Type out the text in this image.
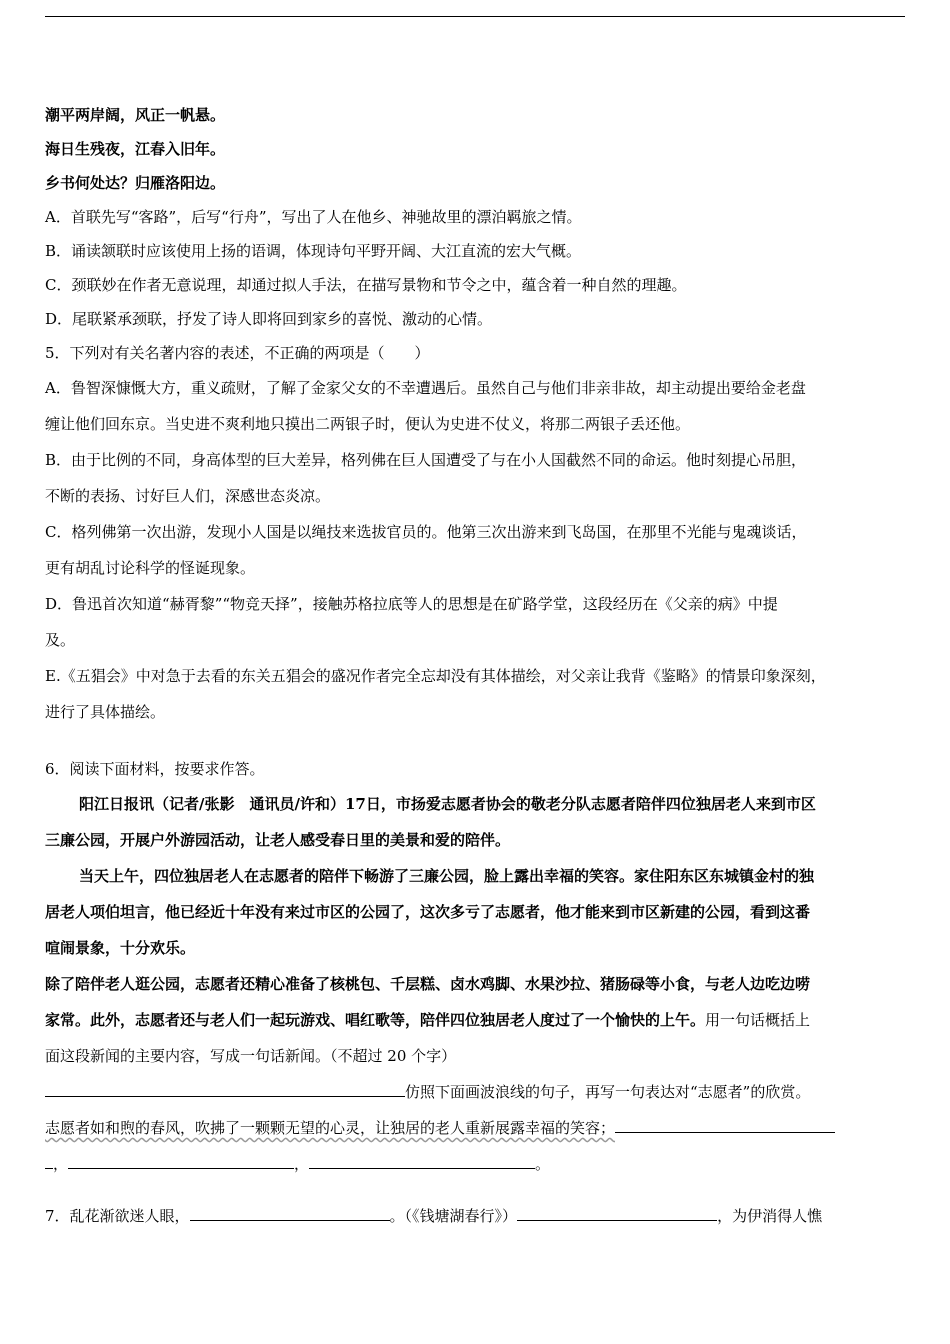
潮平两岸阔，风正一帆悬。

海日生残夜，江春入旧年。

乡书何处达？归雁洛阳边。

A．首联先写“客路”，后写“行舟”，写出了人在他乡、神驰故里的漂泊羁旅之情。

B．诵读颔联时应该使用上扬的语调，体现诗句平野开阔、大江直流的宏大气概。

C．颈联妙在作者无意说理，却通过拟人手法，在描写景物和节令之中，蕴含着一种自然的理趣。

D．尾联紧承颈联，抒发了诗人即将回到家乡的喜悦、激动的心情。

5．下列对有关名著内容的表述，不正确的两项是（　　）

A．鲁智深慷慨大方，重义疏财，了解了金家父女的不幸遭遇后。虽然自己与他们非亲非故，却主动提出要给金老盘

缠让他们回东京。当史进不爽利地只摸出二两银子时，便认为史进不仗义，将那二两银子丢还他。

B．由于比例的不同，身高体型的巨大差异，格列佛在巨人国遭受了与在小人国截然不同的命运。他时刻提心吊胆，

不断的表扬、讨好巨人们，深感世态炎凉。

C．格列佛第一次出游，发现小人国是以绳技来选拔官员的。他第三次出游来到飞岛国，在那里不光能与鬼魂谈话，

更有胡乱讨论科学的怪诞现象。

D．鲁迅首次知道“赫胥黎”“物竞天择”，接触苏格拉底等人的思想是在矿路学堂，这段经历在《父亲的病》中提

及。

E.《五猖会》中对急于去看的东关五猖会的盛况作者完全忘却没有其体描绘，对父亲让我背《鉴略》的情景印象深刻，

进行了具体描绘。

6．阅读下面材料，按要求作答。

阳江日报讯（记者/张影　通讯员/许和）17日，市扬爱志愿者协会的敬老分队志愿者陪伴四位独居老人来到市区

三廉公园，开展户外游园活动，让老人感受春日里的美景和爱的陪伴。

当天上午，四位独居老人在志愿者的陪伴下畅游了三廉公园，脸上露出幸福的笑容。家住阳东区东城镇金村的独

居老人项伯坦言，他已经近十年没有来过市区的公园了，这次多亏了志愿者，他才能来到市区新建的公园，看到这番

喧闹景象，十分欢乐。

除了陪伴老人逛公园，志愿者还精心准备了核桃包、千层糕、卤水鸡脚、水果沙拉、猪肠碌等小食，与老人边吃边唠

家常。此外，志愿者还与老人们一起玩游戏、唱红歌等，陪伴四位独居老人度过了一个愉快的上午。用一句话概括上

面这段新闻的主要内容，写成一句话新闻。（不超过 20 个字）

仿照下面画波浪线的句子，再写一句表达对“志愿者”的欣赏。

志愿者如和煦的春风，吹拂了一颗颗无望的心灵，让独居的老人重新展露幸福的笑容；

，	，	。

7．乱花渐欲迷人眼，	。（《钱塘湖春行》）	，为伊消得人憔
